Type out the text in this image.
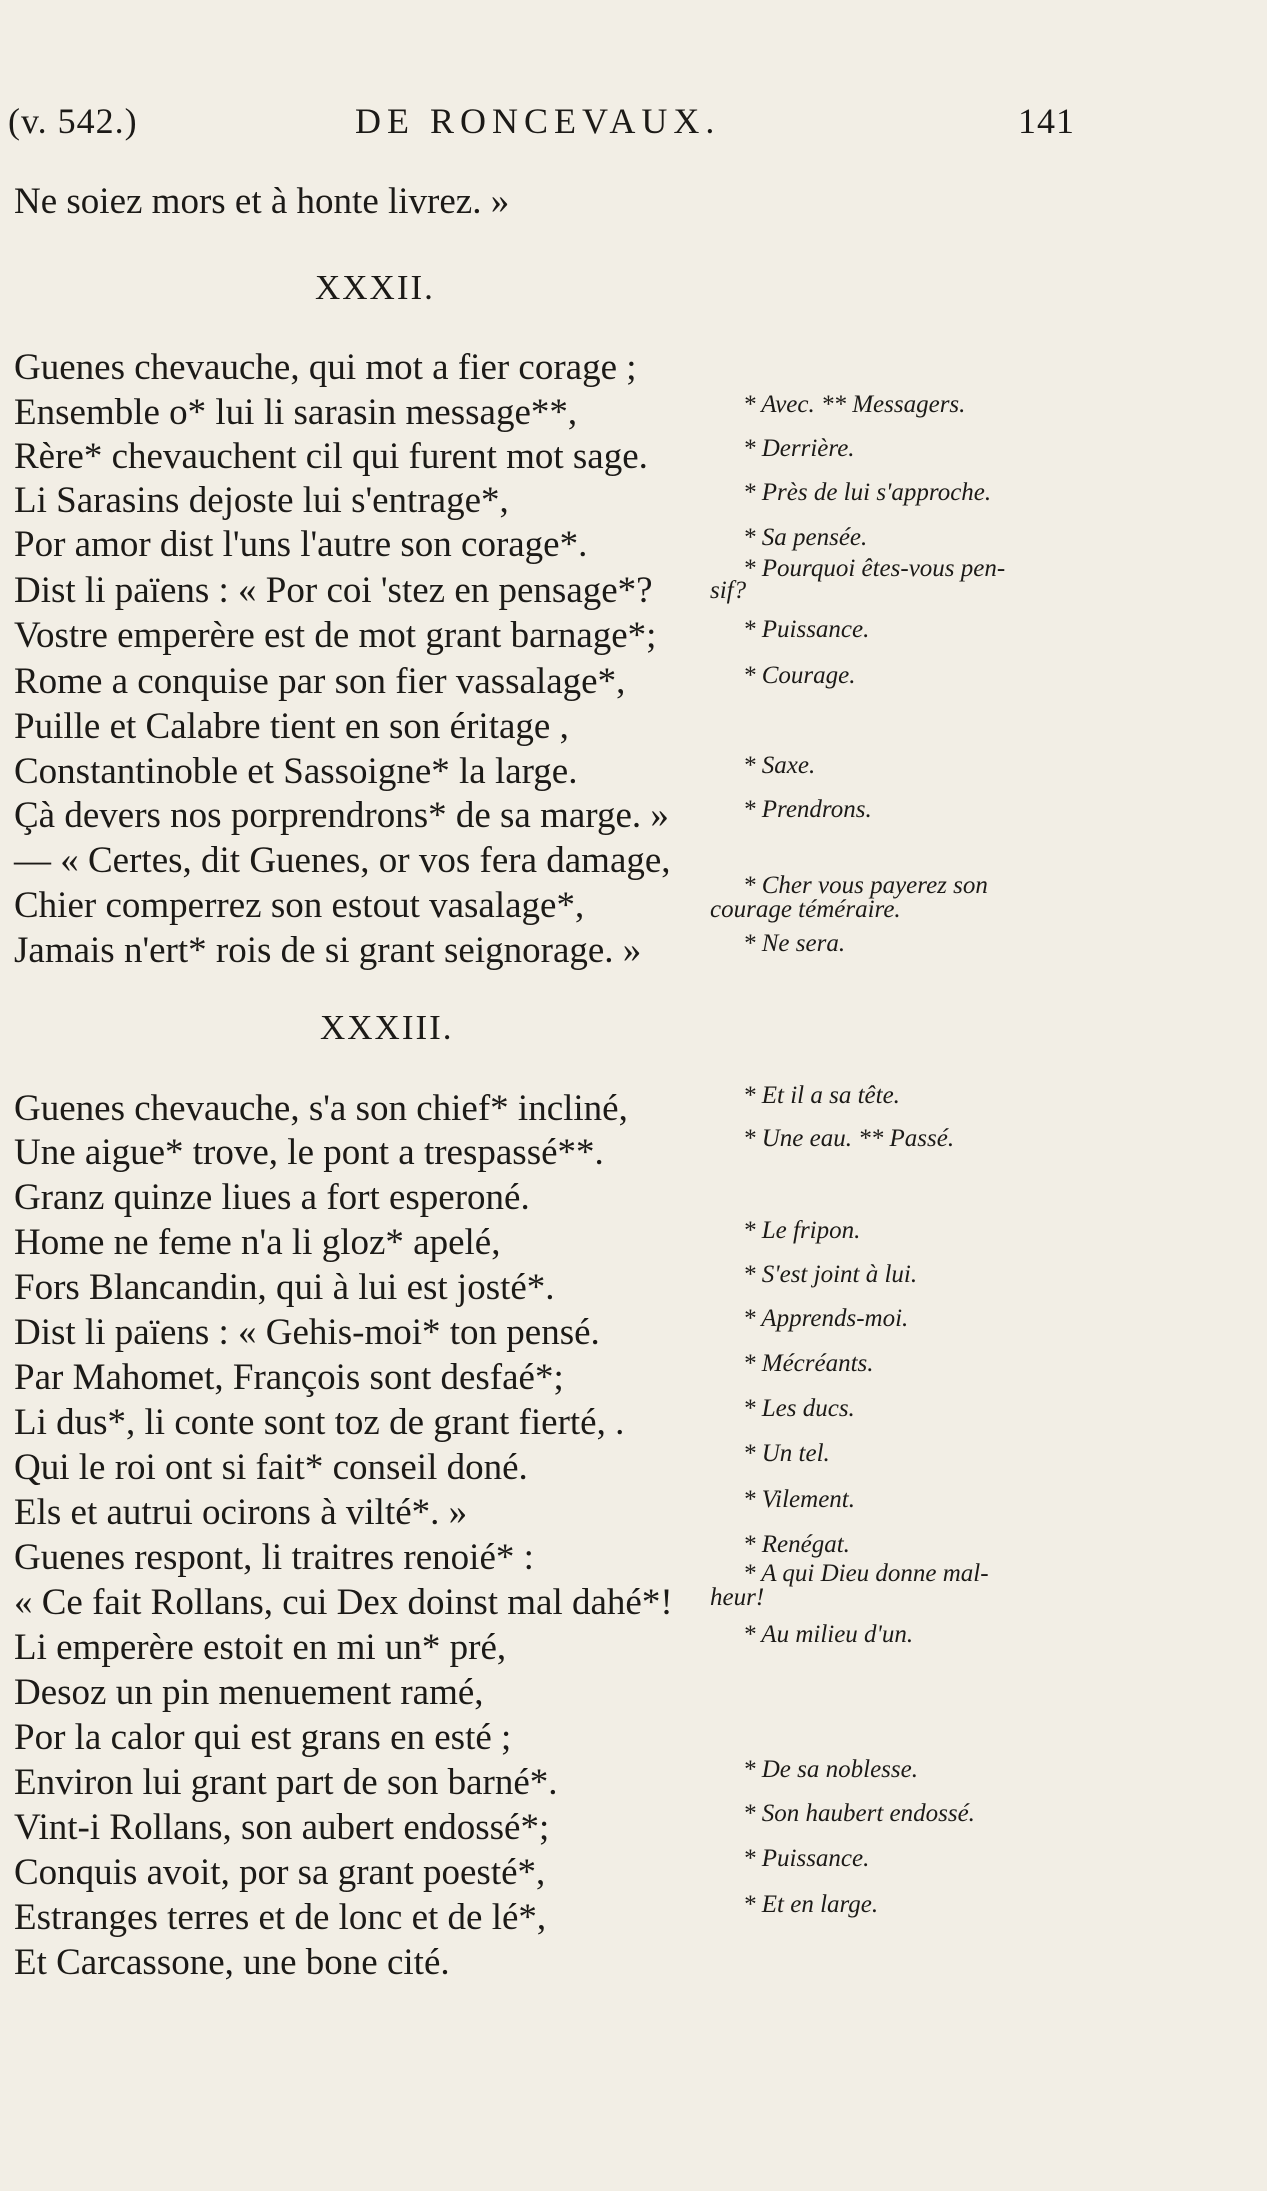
(v. 542.)	DE RONCEVAUX.	141
Ne soiez mors et à honte livrez. »
XXXII.
Guenes chevauche, qui mot a fier corage ;
Ensemble o* lui li sarasin message**,
Rère* chevauchent cil qui furent mot sage.
Li Sarasins dejoste lui s'entrage*,
Por amor dist l'uns l'autre son corage*.
Dist li païens : « Por coi 'stez en pensage*?
Vostre emperère est de mot grant barnage*;
Rome a conquise par son fier vassalage*,
Puille et Calabre tient en son éritage ,
Constantinoble et Sassoigne* la large.
Çà devers nos porprendrons* de sa marge. »
— « Certes, dit Guenes, or vos fera damage,
Chier comperrez son estout vasalage*,
Jamais n'ert* rois de si grant seignorage. »
* Avec. ** Messagers.
* Derrière.
* Près de lui s'approche.
* Sa pensée.
* Pourquoi êtes-vous pen-
sif?
* Puissance.
* Courage.
* Saxe.
* Prendrons.
* Cher vous payerez son
courage téméraire.
* Ne sera.
XXXIII.
Guenes chevauche, s'a son chief* incliné,
Une aigue* trove, le pont a trespassé**.
Granz quinze liues a fort esperoné.
Home ne feme n'a li gloz* apelé,
Fors Blancandin, qui à lui est josté*.
Dist li païens : « Gehis-moi* ton pensé.
Par Mahomet, François sont desfaé*;
Li dus*, li conte sont toz de grant fierté, .
Qui le roi ont si fait* conseil doné.
Els et autrui ocirons à vilté*. »
Guenes respont, li traitres renoié* :
« Ce fait Rollans, cui Dex doinst mal dahé*!
Li emperère estoit en mi un* pré,
Desoz un pin menuement ramé,
Por la calor qui est grans en esté ;
Environ lui grant part de son barné*.
Vint-i Rollans, son aubert endossé*;
Conquis avoit, por sa grant poesté*,
Estranges terres et de lonc et de lé*,
Et Carcassone, une bone cité.
* Et il a sa tête.
* Une eau. ** Passé.
* Le fripon.
* S'est joint à lui.
* Apprends-moi.
* Mécréants.
* Les ducs.
* Un tel.
* Vilement.
* Renégat.
* A qui Dieu donne mal-
heur!
* Au milieu d'un.
* De sa noblesse.
* Son haubert endossé.
* Puissance.
* Et en large.
